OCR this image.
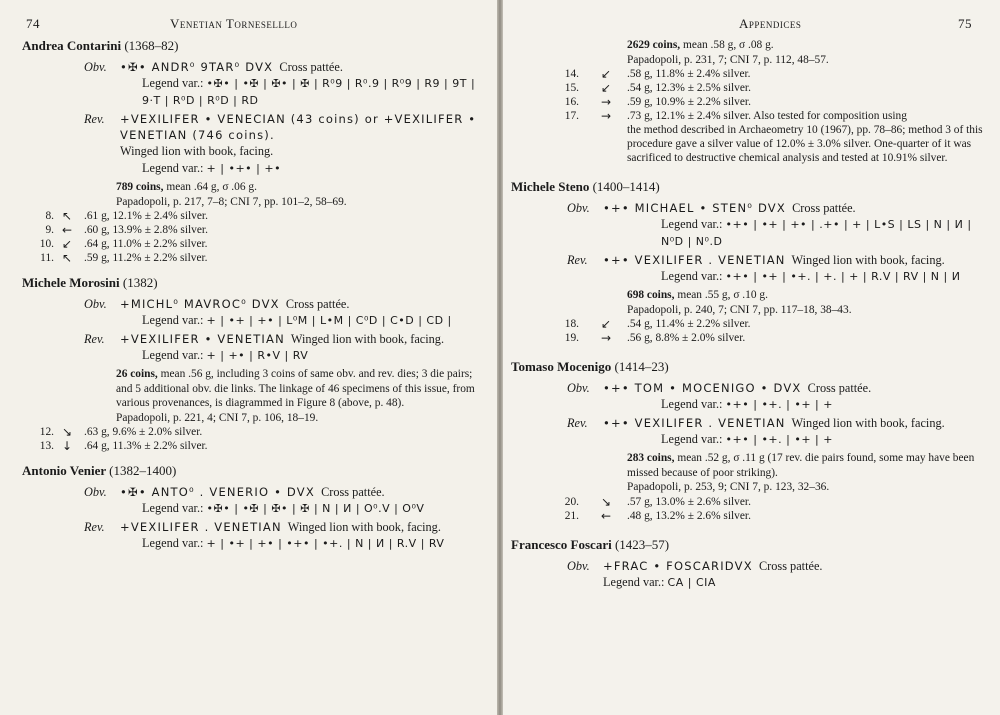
74	Venetian Torneselllo
Andrea Contarini (1368–82)
Obv. •✠• ANDR⁰ 9TAR⁰ DVX Cross pattée.
Legend var.: •✠• | •✠ | ✠• | ✠ | R⁰9 | R⁰.9 | R⁰9 | R9 | 9T | 9·T | R⁰D | R⁰D | RD
Rev. +VEXILIFER • VENECIAN (43 coins) or +VEXILIFER • VENETIAN (746 coins).
Winged lion with book, facing.
Legend var.: + | •+• | +•
789 coins, mean .64 g, σ .06 g.
Papadopoli, p. 217, 7–8; CNI 7, pp. 101–2, 58–69.
8. ↖ .61 g, 12.1% ± 2.4% silver.
9. ← .60 g, 13.9% ± 2.8% silver.
10. ↙ .64 g, 11.0% ± 2.2% silver.
11. ↖ .59 g, 11.2% ± 2.2% silver.
Michele Morosini (1382)
Obv. +MICHL⁰ MAVROC⁰ DVX Cross pattée.
Legend var.: + | •+ | +• | L⁰M | L•M | C⁰D | C•D | CD |
Rev. +VEXILIFER • VENETIAN Winged lion with book, facing.
Legend var.: + | +• | R•V | RV
26 coins, mean .56 g, including 3 coins of same obv. and rev. dies; 3 die pairs; and 5 additional obv. die links. The linkage of 46 specimens of this issue, from various provenances, is diagrammed in Figure 8 (above, p. 48).
Papadopoli, p. 221, 4; CNI 7, p. 106, 18–19.
12. ↘ .63 g, 9.6% ± 2.0% silver.
13. ↓ .64 g, 11.3% ± 2.2% silver.
Antonio Venier (1382–1400)
Obv. •✠• ANTO⁰ . VENERIO • DVX Cross pattée.
Legend var.: •✠• | •✠ | ✠• | ✠ | N | И | O⁰.V | O⁰V
Rev. +VEXILIFER . VENETIAN Winged lion with book, facing.
Legend var.: + | •+ | +• | •+• | •+. | N | И | R.V | RV
Appendices	75
2629 coins, mean .58 g, σ .08 g.
Papadopoli, p. 231, 7; CNI 7, p. 112, 48–57.
14. ↙ .58 g, 11.8% ± 2.4% silver.
15. ↙ .54 g, 12.3% ± 2.5% silver.
16. → .59 g, 10.9% ± 2.2% silver.
17. → .73 g, 12.1% ± 2.4% silver. Also tested for composition using
the method described in Archaeometry 10 (1967), pp. 78–86; method 3 of this procedure gave a silver value of 12.0% ± 3.0% silver. One-quarter of it was sacrificed to destructive chemical analysis and tested at 10.91% silver.
Michele Steno (1400–1414)
Obv. •+• MICHAEL • STEN⁰ DVX Cross pattée.
Legend var.: •+• | •+ | +• | .+• | + | L•S | LS | N | И | N⁰D | N⁰.D
Rev. •+• VEXILIFER . VENETIAN Winged lion with book, facing.
Legend var.: •+• | •+ | •+. | +. | + | R.V | RV | N | И
698 coins, mean .55 g, σ .10 g.
Papadopoli, p. 240, 7; CNI 7, pp. 117–18, 38–43.
18. ↙ .54 g, 11.4% ± 2.2% silver.
19. → .56 g, 8.8% ± 2.0% silver.
Tomaso Mocenigo (1414–23)
Obv. •+• TOM • MOCENIGO • DVX Cross pattée.
Legend var.: •+• | •+. | •+ | +
Rev. •+• VEXILIFER . VENETIAN Winged lion with book, facing.
Legend var.: •+• | •+. | •+ | +
283 coins, mean .52 g, σ .11 g (17 rev. die pairs found, some may have been missed because of poor striking).
Papadopoli, p. 253, 9; CNI 7, p. 123, 32–36.
20. ↘ .57 g, 13.0% ± 2.6% silver.
21. ← .48 g, 13.2% ± 2.6% silver.
Francesco Foscari (1423–57)
Obv. +FRAC • FOSCARIDVX Cross pattée.
Legend var.: CA | CIA
